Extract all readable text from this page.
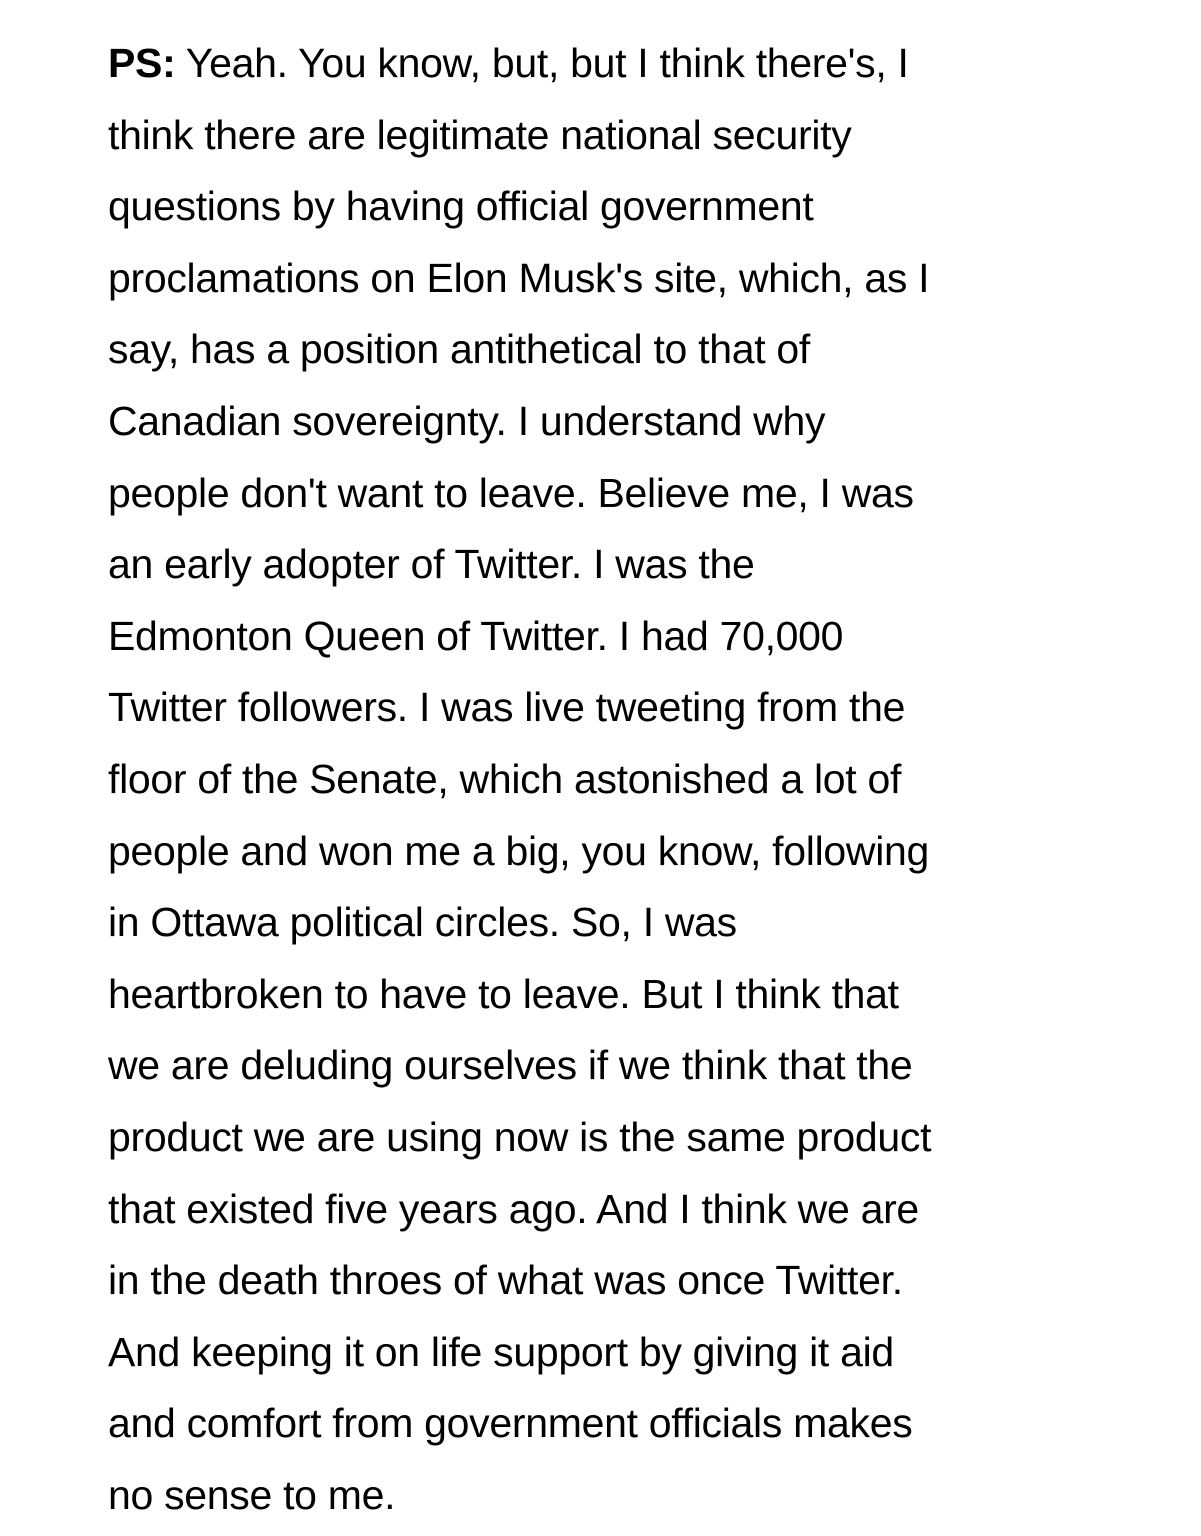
PS: Yeah. You know, but, but I think there's, I
think there are legitimate national security
questions by having official government
proclamations on Elon Musk's site, which, as I
say, has a position antithetical to that of
Canadian sovereignty. I understand why
people don't want to leave. Believe me, I was
an early adopter of Twitter. I was the
Edmonton Queen of Twitter. I had 70,000
Twitter followers. I was live tweeting from the
floor of the Senate, which astonished a lot of
people and won me a big, you know, following
in Ottawa political circles. So, I was
heartbroken to have to leave. But I think that
we are deluding ourselves if we think that the
product we are using now is the same product
that existed five years ago. And I think we are
in the death throes of what was once Twitter.
And keeping it on life support by giving it aid
and comfort from government officials makes
no sense to me.
